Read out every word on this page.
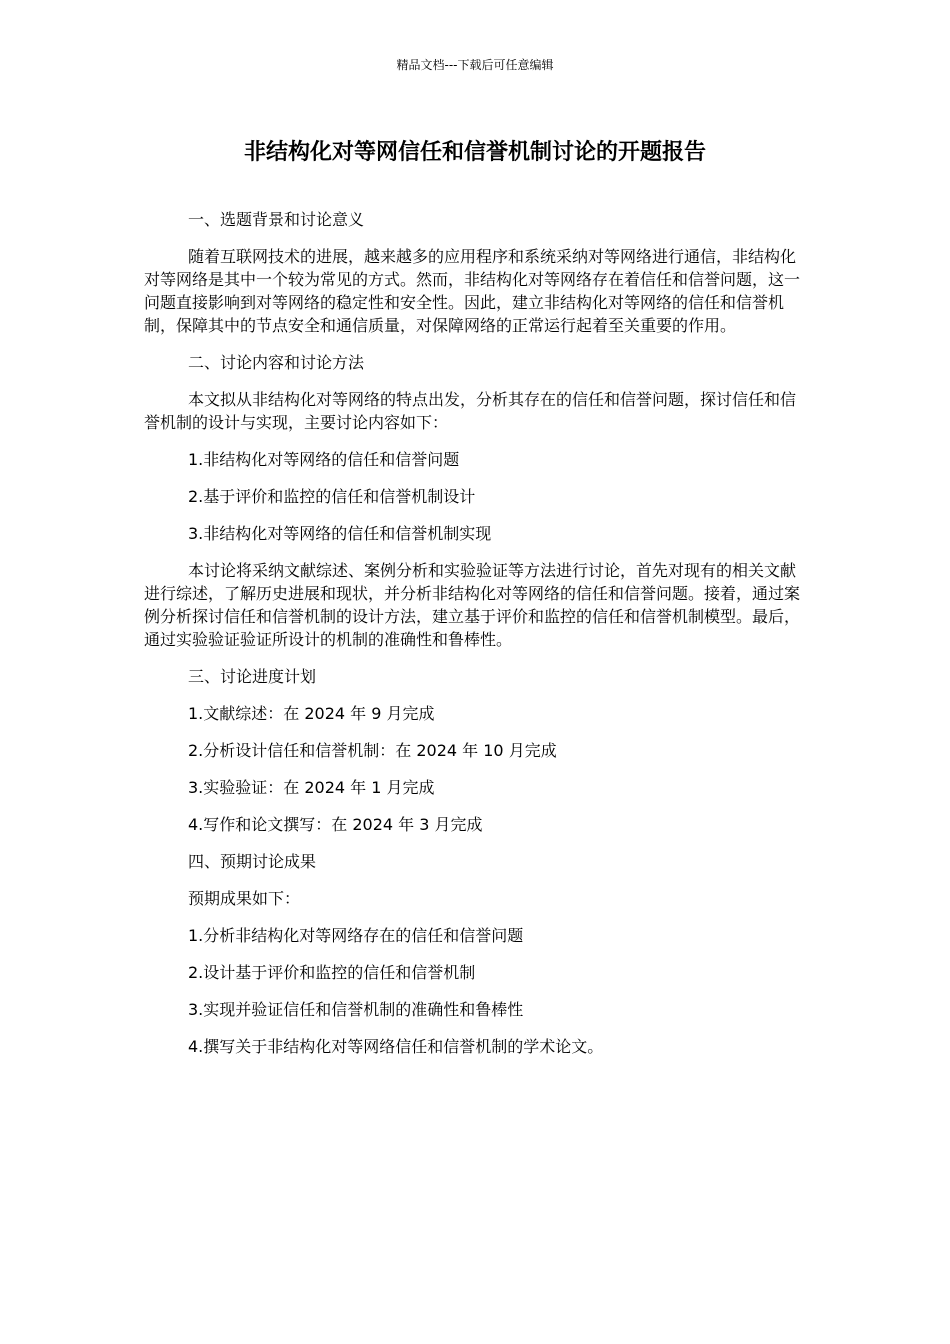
精品文档---下载后可任意编辑
非结构化对等网信任和信誉机制讨论的开题报告

一、选题背景和讨论意义

随着互联网技术的进展，越来越多的应用程序和系统采纳对等网络进行通信，非结构化对等网络是其中一个较为常见的方式。然而，非结构化对等网络存在着信任和信誉问题，这一问题直接影响到对等网络的稳定性和安全性。因此，建立非结构化对等网络的信任和信誉机制，保障其中的节点安全和通信质量，对保障网络的正常运行起着至关重要的作用。

二、讨论内容和讨论方法

本文拟从非结构化对等网络的特点出发，分析其存在的信任和信誉问题，探讨信任和信誉机制的设计与实现，主要讨论内容如下：

1.非结构化对等网络的信任和信誉问题

2.基于评价和监控的信任和信誉机制设计

3.非结构化对等网络的信任和信誉机制实现

本讨论将采纳文献综述、案例分析和实验验证等方法进行讨论，首先对现有的相关文献进行综述，了解历史进展和现状，并分析非结构化对等网络的信任和信誉问题。接着，通过案例分析探讨信任和信誉机制的设计方法，建立基于评价和监控的信任和信誉机制模型。最后，通过实验验证验证所设计的机制的准确性和鲁棒性。

三、讨论进度计划

1.文献综述：在 2024 年 9 月完成

2.分析设计信任和信誉机制：在 2024 年 10 月完成

3.实验验证：在 2024 年 1 月完成

4.写作和论文撰写：在 2024 年 3 月完成

四、预期讨论成果

预期成果如下：

1.分析非结构化对等网络存在的信任和信誉问题

2.设计基于评价和监控的信任和信誉机制

3.实现并验证信任和信誉机制的准确性和鲁棒性

4.撰写关于非结构化对等网络信任和信誉机制的学术论文。
